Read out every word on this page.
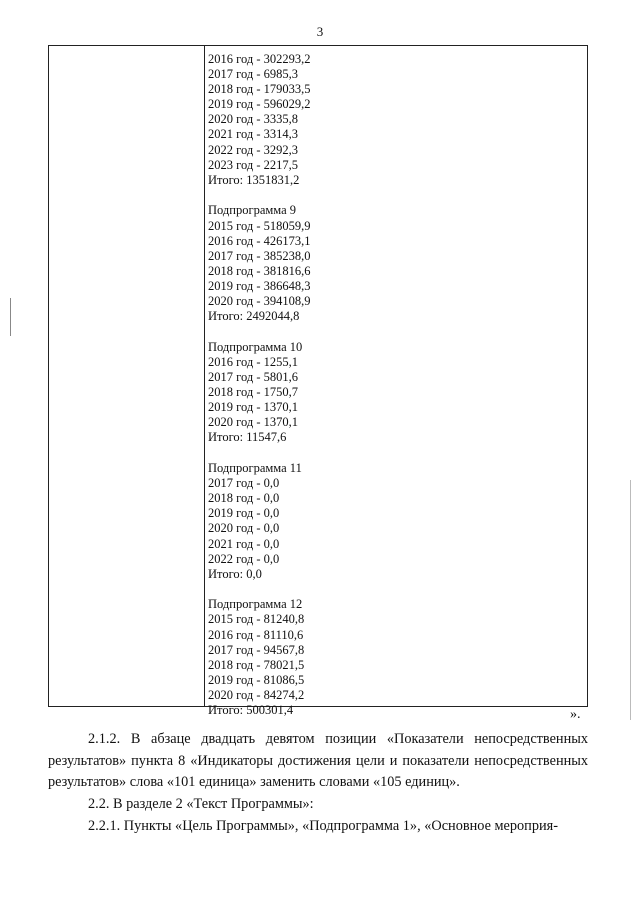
3
2016 год - 302293,2
2017 год - 6985,3
2018 год - 179033,5
2019 год - 596029,2
2020 год - 3335,8
2021 год - 3314,3
2022 год - 3292,3
2023 год - 2217,5
Итого: 1351831,2
Подпрограмма 9
2015 год - 518059,9
2016 год - 426173,1
2017 год - 385238,0
2018 год - 381816,6
2019 год - 386648,3
2020 год - 394108,9
Итого: 2492044,8
Подпрограмма 10
2016 год - 1255,1
2017 год - 5801,6
2018 год - 1750,7
2019 год - 1370,1
2020 год - 1370,1
Итого: 11547,6
Подпрограмма 11
2017 год - 0,0
2018 год - 0,0
2019 год - 0,0
2020 год - 0,0
2021 год - 0,0
2022 год - 0,0
Итого: 0,0
Подпрограмма 12
2015 год - 81240,8
2016 год - 81110,6
2017 год - 94567,8
2018 год - 78021,5
2019 год - 81086,5
2020 год - 84274,2
Итого: 500301,4	».

2.1.2. В абзаце двадцать девятом позиции «Показатели непосредственных результатов» пункта 8 «Индикаторы достижения цели и показатели непосредственных результатов» слова «101 единица» заменить словами «105 единиц».

2.2. В разделе 2 «Текст Программы»:

2.2.1. Пункты «Цель Программы», «Подпрограмма 1», «Основное мероприя-
